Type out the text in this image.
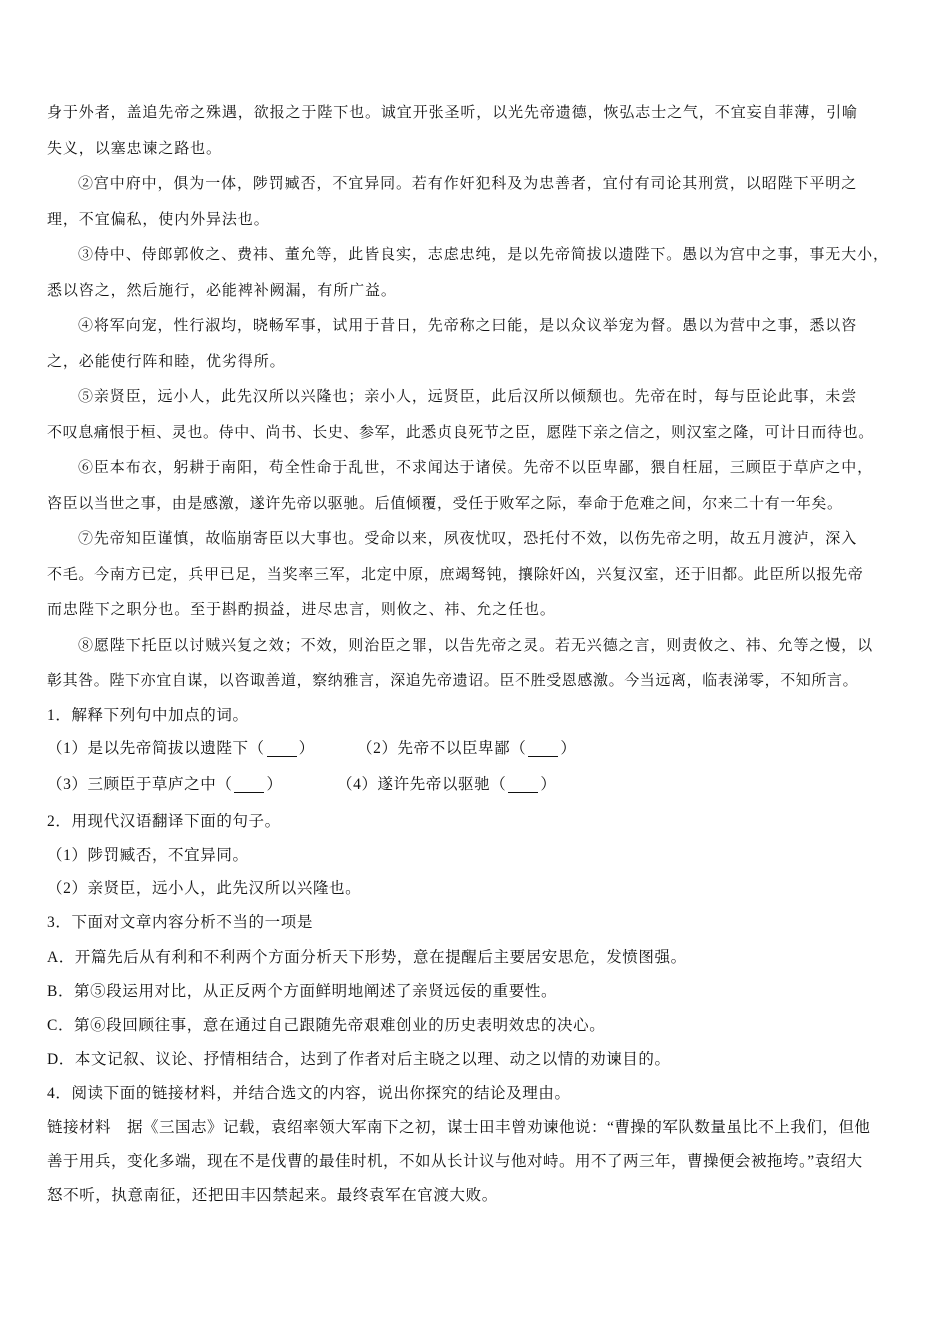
身于外者，盖追先帝之殊遇，欲报之于陛下也。诚宜开张圣听，以光先帝遗德，恢弘志士之气，不宜妄自菲薄，引喻
失义，以塞忠谏之路也。
②宫中府中，俱为一体，陟罚臧否，不宜异同。若有作奸犯科及为忠善者，宜付有司论其刑赏，以昭陛下平明之
理，不宜偏私，使内外异法也。
③侍中、侍郎郭攸之、费祎、董允等，此皆良实，志虑忠纯，是以先帝简拔以遗陛下。愚以为宫中之事，事无大小，
悉以咨之，然后施行，必能裨补阙漏，有所广益。
④将军向宠，性行淑均，晓畅军事，试用于昔日，先帝称之曰能，是以众议举宠为督。愚以为营中之事，悉以咨
之，必能使行阵和睦，优劣得所。
⑤亲贤臣，远小人，此先汉所以兴隆也；亲小人，远贤臣，此后汉所以倾颓也。先帝在时，每与臣论此事，未尝
不叹息痛恨于桓、灵也。侍中、尚书、长史、参军，此悉贞良死节之臣，愿陛下亲之信之，则汉室之隆，可计日而待也。
⑥臣本布衣，躬耕于南阳，苟全性命于乱世，不求闻达于诸侯。先帝不以臣卑鄙，猥自枉屈，三顾臣于草庐之中，
咨臣以当世之事，由是感激，遂许先帝以驱驰。后值倾覆，受任于败军之际，奉命于危难之间，尔来二十有一年矣。
⑦先帝知臣谨慎，故临崩寄臣以大事也。受命以来，夙夜忧叹，恐托付不效，以伤先帝之明，故五月渡泸，深入
不毛。今南方已定，兵甲已足，当奖率三军，北定中原，庶竭驽钝，攘除奸凶，兴复汉室，还于旧都。此臣所以报先帝
而忠陛下之职分也。至于斟酌损益，进尽忠言，则攸之、祎、允之任也。
⑧愿陛下托臣以讨贼兴复之效；不效，则治臣之罪，以告先帝之灵。若无兴德之言，则责攸之、祎、允等之慢，以
彰其咎。陛下亦宜自谋，以咨诹善道，察纳雅言，深追先帝遗诏。臣不胜受恩感激。今当远离，临表涕零，不知所言。
1．解释下列句中加点的词。
（1）是以先帝简拔以遗陛下（ ）	（2）先帝不以臣卑鄙（ ）
（3）三顾臣于草庐之中（ ）	（4）遂许先帝以驱驰（ ）
2．用现代汉语翻译下面的句子。
（1）陟罚臧否，不宜异同。
（2）亲贤臣，远小人，此先汉所以兴隆也。
3．下面对文章内容分析不当的一项是
A．开篇先后从有利和不利两个方面分析天下形势，意在提醒后主要居安思危，发愤图强。
B．第⑤段运用对比，从正反两个方面鲜明地阐述了亲贤远佞的重要性。
C．第⑥段回顾往事，意在通过自己跟随先帝艰难创业的历史表明效忠的决心。
D．本文记叙、议论、抒情相结合，达到了作者对后主晓之以理、动之以情的劝谏目的。
4．阅读下面的链接材料，并结合选文的内容，说出你探究的结论及理由。
链接材料　据《三国志》记载，袁绍率领大军南下之初，谋士田丰曾劝谏他说：“曹操的军队数量虽比不上我们，但他
善于用兵，变化多端，现在不是伐曹的最佳时机，不如从长计议与他对峙。用不了两三年，曹操便会被拖垮。”袁绍大
怒不听，执意南征，还把田丰囚禁起来。最终袁军在官渡大败。
